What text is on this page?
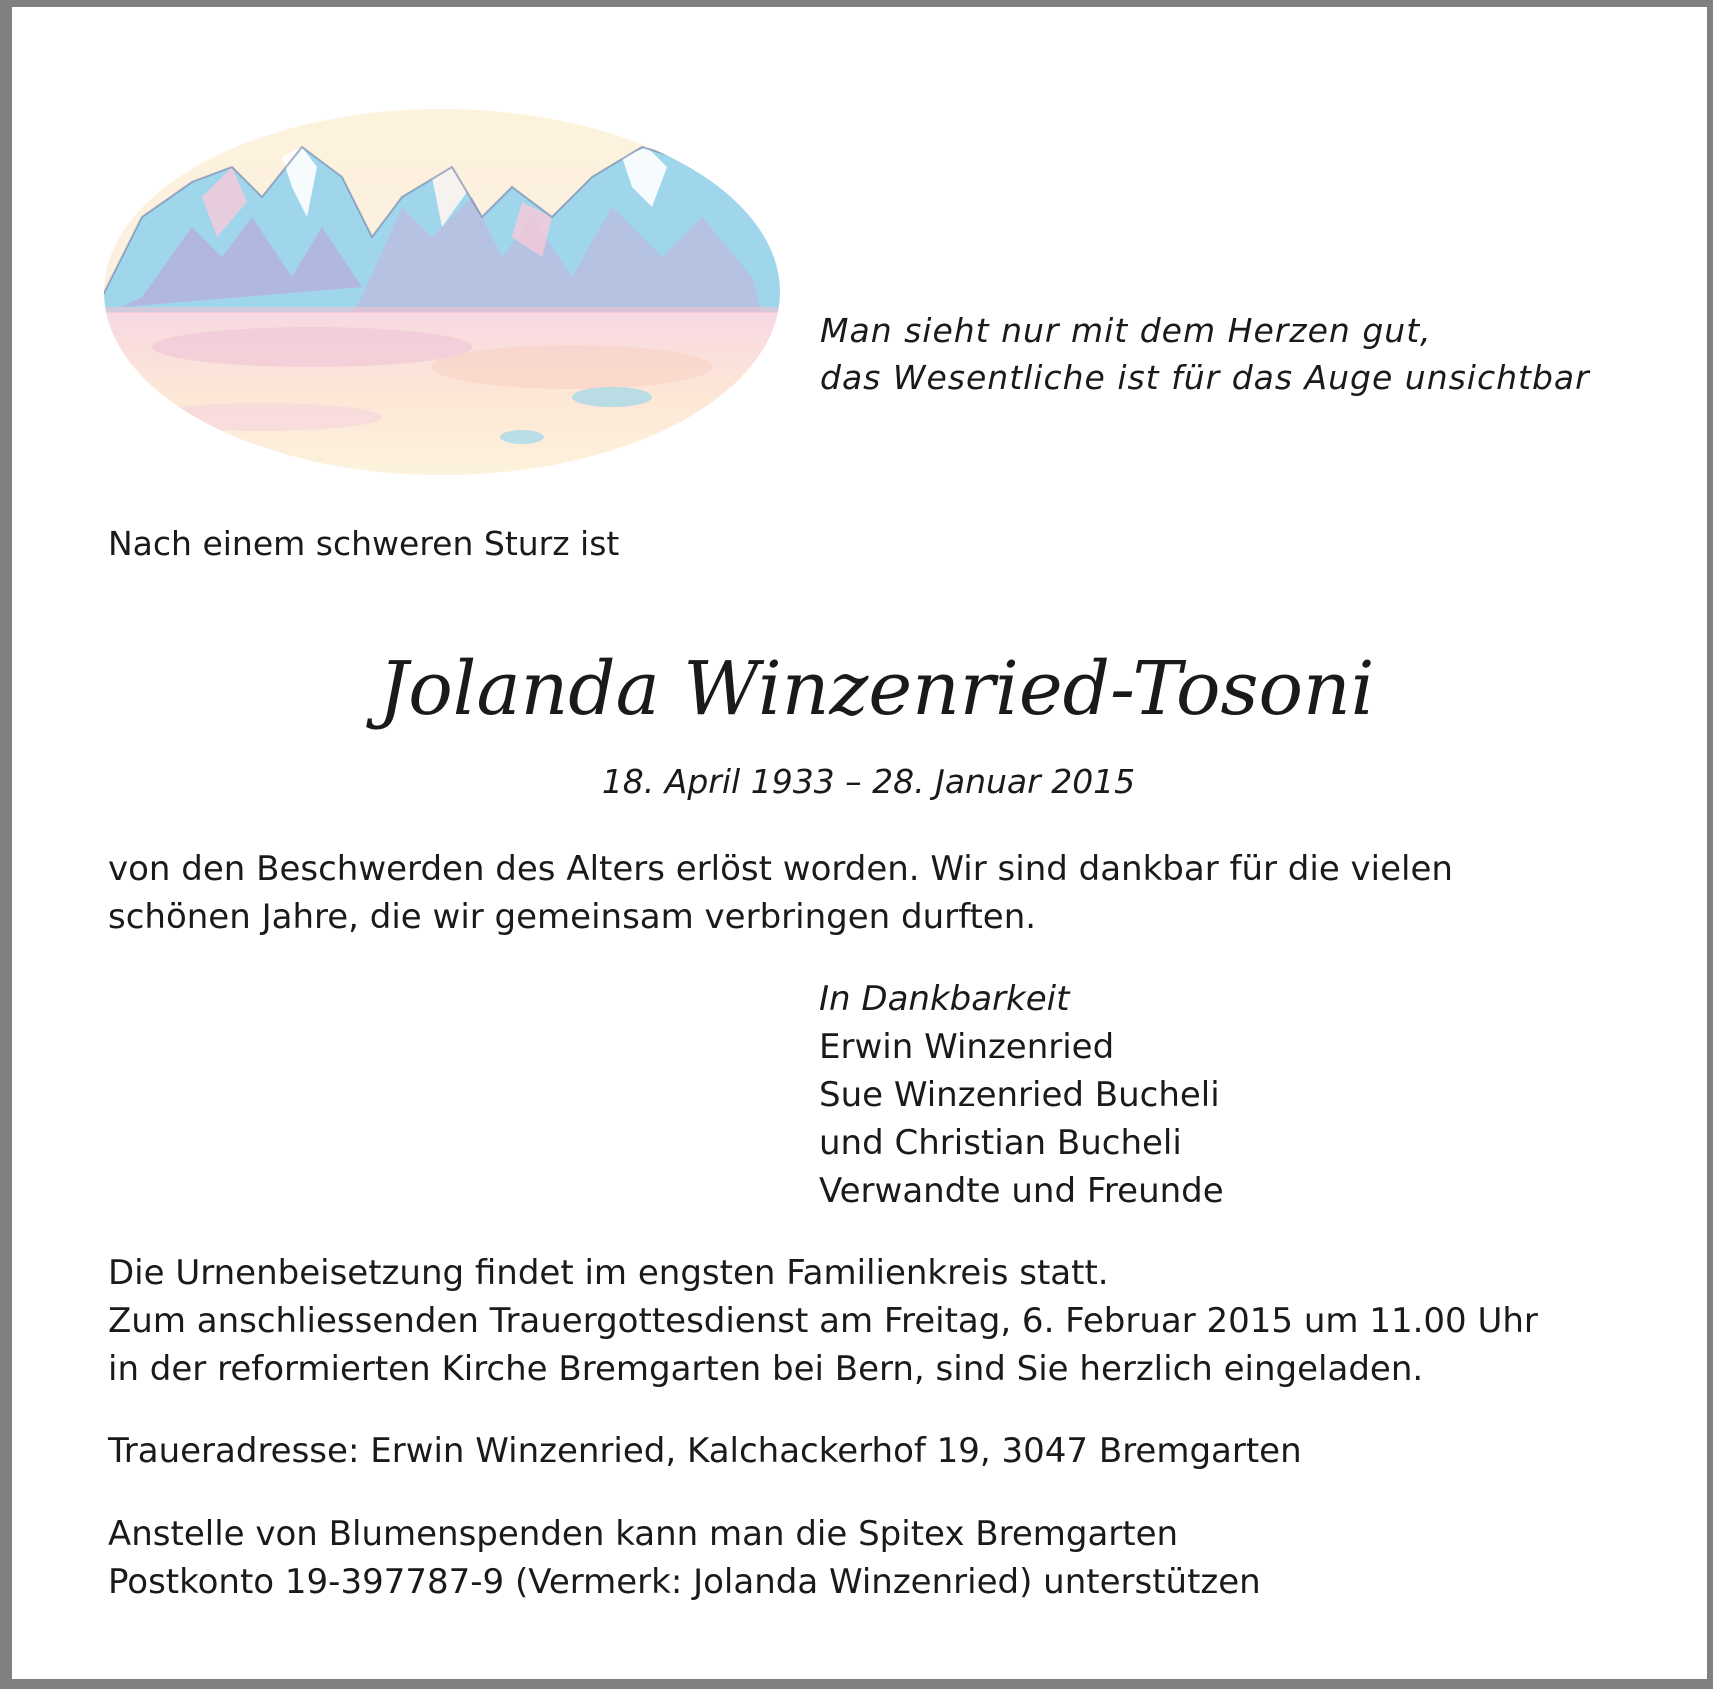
Man sieht nur mit dem Herzen gut,
das Wesentliche ist für das Auge unsichtbar
Nach einem schweren Sturz ist
Jolanda Winzenried-Tosoni
18. April 1933 – 28. Januar 2015
von den Beschwerden des Alters erlöst worden. Wir sind dankbar für die vielen
schönen Jahre, die wir gemeinsam verbringen durften.
In Dankbarkeit
Erwin Winzenried
Sue Winzenried Bucheli
und Christian Bucheli
Verwandte und Freunde
Die Urnenbeisetzung findet im engsten Familienkreis statt.
Zum anschliessenden Trauergottesdienst am Freitag, 6. Februar 2015 um 11.00 Uhr
in der reformierten Kirche Bremgarten bei Bern, sind Sie herzlich eingeladen.
Traueradresse: Erwin Winzenried, Kalchackerhof 19, 3047 Bremgarten
Anstelle von Blumenspenden kann man die Spitex Bremgarten
Postkonto 19-397787-9 (Vermerk: Jolanda Winzenried) unterstützen
